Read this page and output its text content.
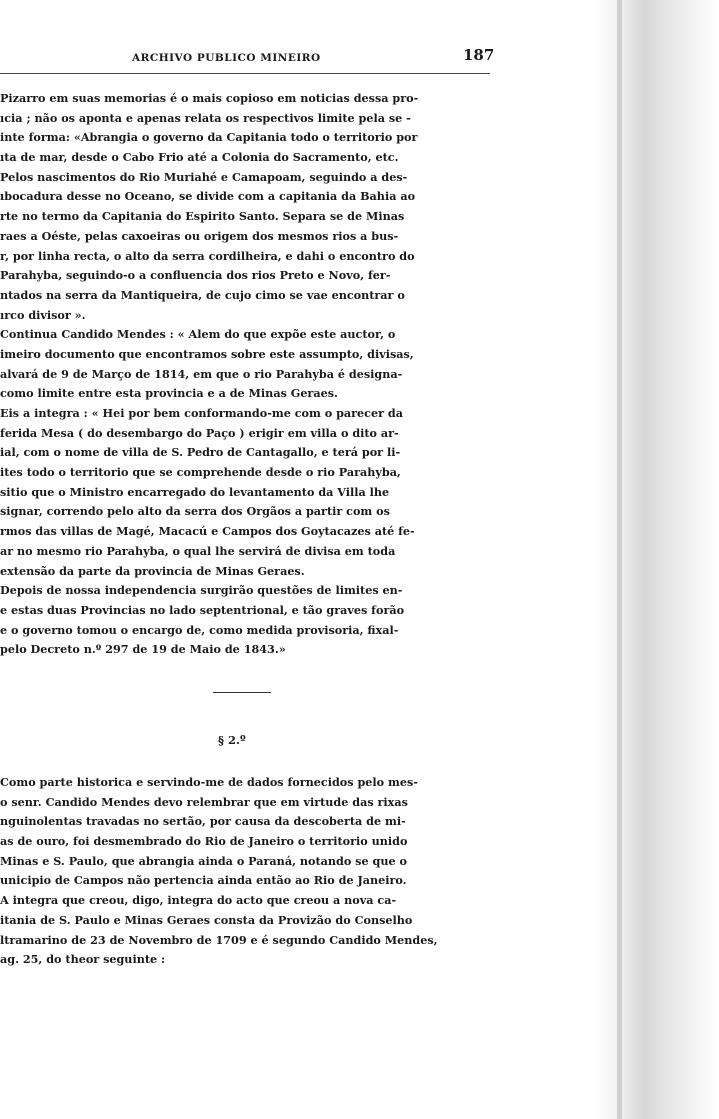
ARCHIVO PUBLICO MINEIRO	187
Pizarro em suas memorias é o mais copioso em noticias dessa pro-
ıcia ; não os aponta e apenas relata os respectivos limite pela se -
inte forma: «Abrangia o governo da Capitania todo o territorio por
ıta de mar, desde o Cabo Frio até a Colonia do Sacramento, etc.
Pelos nascimentos do Rio Muriahé e Camapoam, seguindo a des-
ıbocadura desse no Oceano, se divide com a capitania da Bahia ao
rte no termo da Capitania do Espirito Santo. Separa se de Minas
raes a Oéste, pelas caxoeiras ou origem dos mesmos rios a bus-
r, por linha recta, o alto da serra cordilheira, e dahi o encontro do
Parahyba, seguindo-o a confluencia dos rios Preto e Novo, fer-
ntados na serra da Mantiqueira, de cujo cimo se vae encontrar o
ırco divisor ».
Continua Candido Mendes : « Alem do que expõe este auctor, o
imeiro documento que encontramos sobre este assumpto, divisas,
alvará de 9 de Março de 1814, em que o rio Parahyba é designa-
como limite entre esta provincia e a de Minas Geraes.
Eis a integra : « Hei por bem conformando-me com o parecer da
ferida Mesa ( do desembargo do Paço ) erigir em villa o dito ar-
ial, com o nome de villa de S. Pedro de Cantagallo, e terá por li-
ites todo o territorio que se comprehende desde o rio Parahyba,
sitio que o Ministro encarregado do levantamento da Villa lhe
signar, correndo pelo alto da serra dos Orgãos a partir com os
rmos das villas de Magé, Macacú e Campos dos Goytacazes até fe-
ar no mesmo rio Parahyba, o qual lhe servirá de divisa em toda
extensão da parte da provincia de Minas Geraes.
Depois de nossa independencia surgirão questões de limites en-
e estas duas Provincias no lado septentrional, e tão graves forão
e o governo tomou o encargo de, como medida provisoria, fixal-
pelo Decreto n.º 297 de 19 de Maio de 1843.»
§ 2.º
Como parte historica e servindo-me de dados fornecidos pelo mes-
o senr. Candido Mendes devo relembrar que em virtude das rixas
nguinolentas travadas no sertão, por causa da descoberta de mi-
as de ouro, foi desmembrado do Rio de Janeiro o territorio unido
Minas e S. Paulo, que abrangia ainda o Paraná, notando se que o
unicipio de Campos não pertencia ainda então ao Rio de Janeiro.
A integra que creou, digo, integra do acto que creou a nova ca-
itania de S. Paulo e Minas Geraes consta da Provizão do Conselho
ltramarino de 23 de Novembro de 1709 e é segundo Candido Mendes,
ag. 25, do theor seguinte :
